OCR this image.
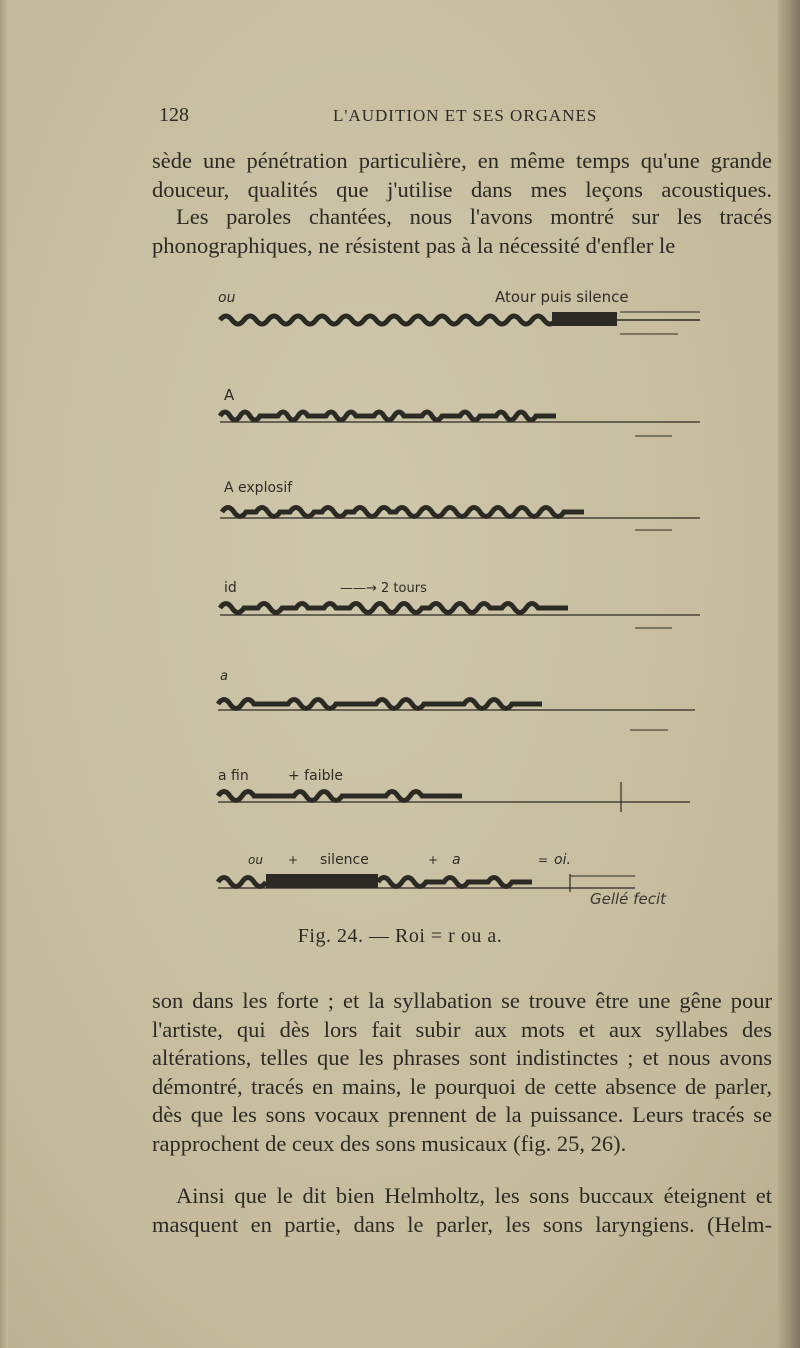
128	L'AUDITION ET SES ORGANES

sède une pénétration particulière, en même temps qu'une grande douceur, qualités que j'utilise dans mes leçons acoustiques.

Les paroles chantées, nous l'avons montré sur les tracés phonographiques, ne résistent pas à la nécessité d'enfler le

ou	Atour puis silence
A
A explosif
id	——→ 2 tours
a
a fin	+ faible
ou + silence	+ a	= oi.
Gellé fecit
Fig. 24. — Roi = r ou a.

son dans les forte ; et la syllabation se trouve être une gêne pour l'artiste, qui dès lors fait subir aux mots et aux syllabes des altérations, telles que les phrases sont indistinctes ; et nous avons démontré, tracés en mains, le pourquoi de cette absence de parler, dès que les sons vocaux prennent de la puissance. Leurs tracés se rapprochent de ceux des sons musicaux (fig. 25, 26).

Ainsi que le dit bien Helmholtz, les sons buccaux éteignent et masquent en partie, dans le parler, les sons laryngiens. (Helm-
